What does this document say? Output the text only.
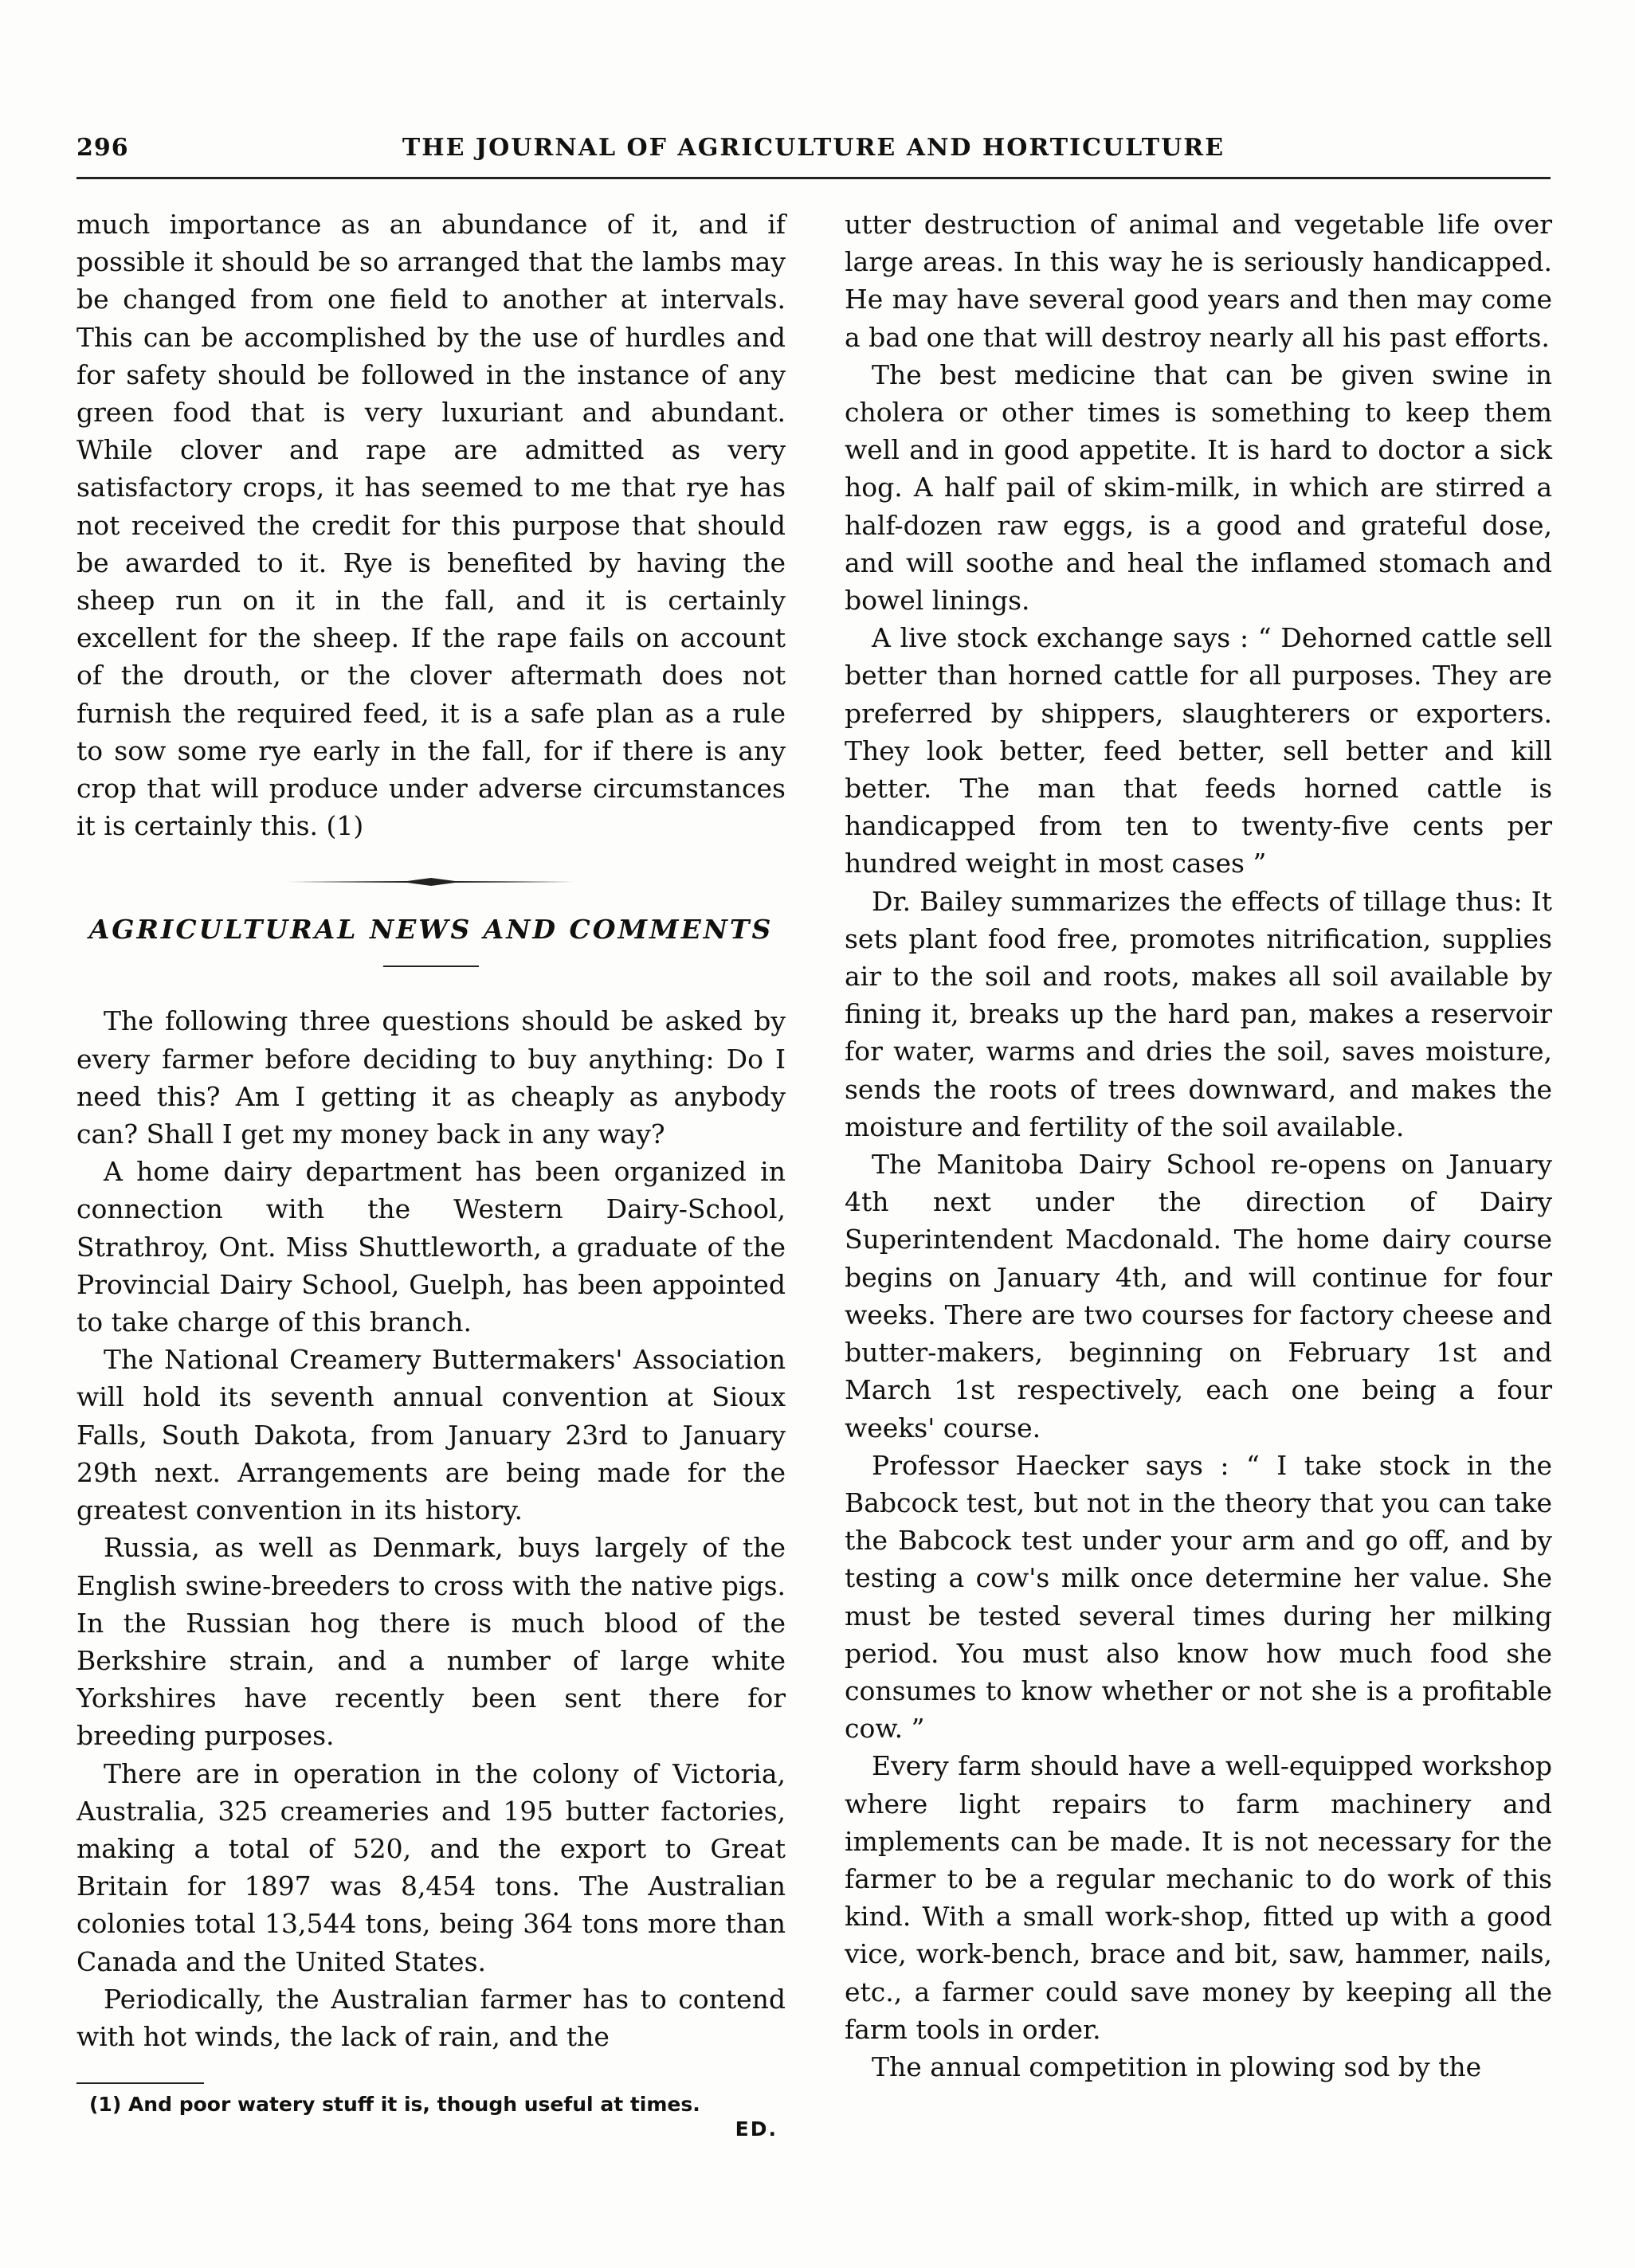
296	THE JOURNAL OF AGRICULTURE AND HORTICULTURE

much importance as an abundance of it, and if possible it should be so arranged that the lambs may be changed from one field to another at intervals. This can be accomplished by the use of hurdles and for safety should be followed in the instance of any green food that is very luxuriant and abundant. While clover and rape are admitted as very satisfactory crops, it has seemed to me that rye has not received the credit for this purpose that should be awarded to it. Rye is benefited by having the sheep run on it in the fall, and it is certainly excellent for the sheep. If the rape fails on account of the drouth, or the clover aftermath does not furnish the required feed, it is a safe plan as a rule to sow some rye early in the fall, for if there is any crop that will produce under adverse circumstances it is certainly this. (1)

AGRICULTURAL NEWS AND COMMENTS

The following three questions should be asked by every farmer before deciding to buy anything: Do I need this? Am I getting it as cheaply as anybody can? Shall I get my money back in any way?

A home dairy department has been organized in connection with the Western Dairy-School, Strathroy, Ont. Miss Shuttleworth, a graduate of the Provincial Dairy School, Guelph, has been appointed to take charge of this branch.

The National Creamery Buttermakers' Association will hold its seventh annual convention at Sioux Falls, South Dakota, from January 23rd to January 29th next. Arrangements are being made for the greatest convention in its history.

Russia, as well as Denmark, buys largely of the English swine-breeders to cross with the native pigs. In the Russian hog there is much blood of the Berkshire strain, and a number of large white Yorkshires have recently been sent there for breeding purposes.

There are in operation in the colony of Victoria, Australia, 325 creameries and 195 butter factories, making a total of 520, and the export to Great Britain for 1897 was 8,454 tons. The Australian colonies total 13,544 tons, being 364 tons more than Canada and the United States.

Periodically, the Australian farmer has to contend with hot winds, the lack of rain, and the

(1) And poor watery stuff it is, though useful at times.
ED.

utter destruction of animal and vegetable life over large areas. In this way he is seriously handicapped. He may have several good years and then may come a bad one that will destroy nearly all his past efforts.

The best medicine that can be given swine in cholera or other times is something to keep them well and in good appetite. It is hard to doctor a sick hog. A half pail of skim-milk, in which are stirred a half-dozen raw eggs, is a good and grateful dose, and will soothe and heal the inflamed stomach and bowel linings.

A live stock exchange says : “ Dehorned cattle sell better than horned cattle for all purposes. They are preferred by shippers, slaughterers or exporters. They look better, feed better, sell better and kill better. The man that feeds horned cattle is handicapped from ten to twenty-five cents per hundred weight in most cases ”

Dr. Bailey summarizes the effects of tillage thus: It sets plant food free, promotes nitrification, supplies air to the soil and roots, makes all soil available by fining it, breaks up the hard pan, makes a reservoir for water, warms and dries the soil, saves moisture, sends the roots of trees downward, and makes the moisture and fertility of the soil available.

The Manitoba Dairy School re-opens on January 4th next under the direction of Dairy Superintendent Macdonald. The home dairy course begins on January 4th, and will continue for four weeks. There are two courses for factory cheese and butter-makers, beginning on February 1st and March 1st respectively, each one being a four weeks' course.

Professor Haecker says : “ I take stock in the Babcock test, but not in the theory that you can take the Babcock test under your arm and go off, and by testing a cow's milk once determine her value. She must be tested several times during her milking period. You must also know how much food she consumes to know whether or not she is a profitable cow. ”

Every farm should have a well-equipped workshop where light repairs to farm machinery and implements can be made. It is not necessary for the farmer to be a regular mechanic to do work of this kind. With a small work-shop, fitted up with a good vice, work-bench, brace and bit, saw, hammer, nails, etc., a farmer could save money by keeping all the farm tools in order.

The annual competition in plowing sod by the
